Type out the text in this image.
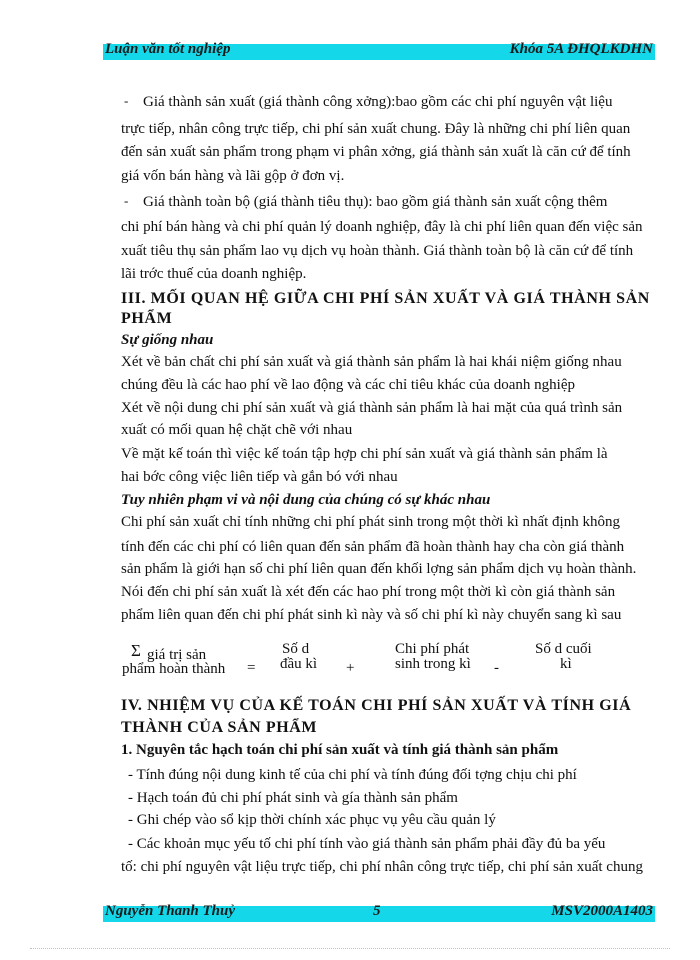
Luận văn tốt nghiệp	Khóa 5A ĐHQLKDHN
- Giá thành sản xuất (giá thành công xởng):bao gồm các chi phí nguyên vật liệu
trực tiếp, nhân công trực tiếp, chi phí sản xuất chung. Đây là những chi phí liên quan
đến sản xuất sản phẩm trong phạm vi phân xởng, giá thành sản xuất là căn cứ để tính
giá vốn bán hàng và lãi gộp ở đơn vị.
- Giá thành toàn bộ (giá thành tiêu thụ): bao gồm giá thành sản xuất cộng thêm
chi phí bán hàng và chi phí quản lý doanh nghiệp, đây là chi phí liên quan đến việc sản
xuất tiêu thụ sản phẩm lao vụ dịch vụ hoàn thành. Giá thành toàn bộ là căn cứ để tính
lãi trớc thuế của doanh nghiệp.
III. MỐI QUAN HỆ GIỮA CHI PHÍ SẢN XUẤT VÀ GIÁ THÀNH SẢN
PHẨM
Sự giống nhau
Xét về bản chất chi phí sản xuất và giá thành sản phẩm là hai khái niệm giống nhau
chúng đều là các hao phí về lao động và các chỉ tiêu khác của doanh nghiệp
Xét về nội dung chi phí sản xuất và giá thành sản phẩm là hai mặt của quá trình sản
xuất có mối quan hệ chặt chẽ với nhau
Về mặt kế toán thì việc kế toán tập hợp chi phí sản xuất và giá thành sản phẩm là
hai bớc công việc liên tiếp và gắn bó với nhau
Tuy nhiên phạm vi và nội dung của chúng có sự khác nhau
Chi phí sản xuất chỉ tính những chi phí phát sinh trong một thời kì nhất định không
tính đến các chi phí có liên quan đến sản phẩm đã hoàn thành hay cha còn giá thành
sản phẩm là giới hạn số chi phí liên quan đến khối lợng sản phẩm dịch vụ hoàn thành.
Nói đến chi phí sản xuất là xét đến các hao phí trong một thời kì còn giá thành sản
phẩm liên quan đến chi phí phát sinh kì này và số chi phí kì này chuyển sang kì sau
Σ giá trị sản
phẩm hoàn thành =
Số d
đầu kì +
Chi phí phát
sinh trong kì -
Số d cuối
kì
IV. NHIỆM VỤ CỦA KẾ TOÁN CHI PHÍ SẢN XUẤT VÀ TÍNH GIÁ
THÀNH CỦA SẢN PHẨM
1. Nguyên tắc hạch toán chi phí sản xuất và tính giá thành sản phẩm
- Tính đúng nội dung kinh tế của chi phí và tính đúng đối tợng chịu chi phí
- Hạch toán đủ chi phí phát sinh và gía thành sản phẩm
- Ghi chép vào sổ kịp thời chính xác phục vụ yêu cầu quản lý
- Các khoản mục yếu tố chi phí tính vào giá thành sản phẩm phải đầy đủ ba yếu
tố: chi phí nguyên vật liệu trực tiếp, chi phí nhân công trực tiếp, chi phí sản xuất chung
Nguyễn Thanh Thuỷ	5	MSV2000A1403
